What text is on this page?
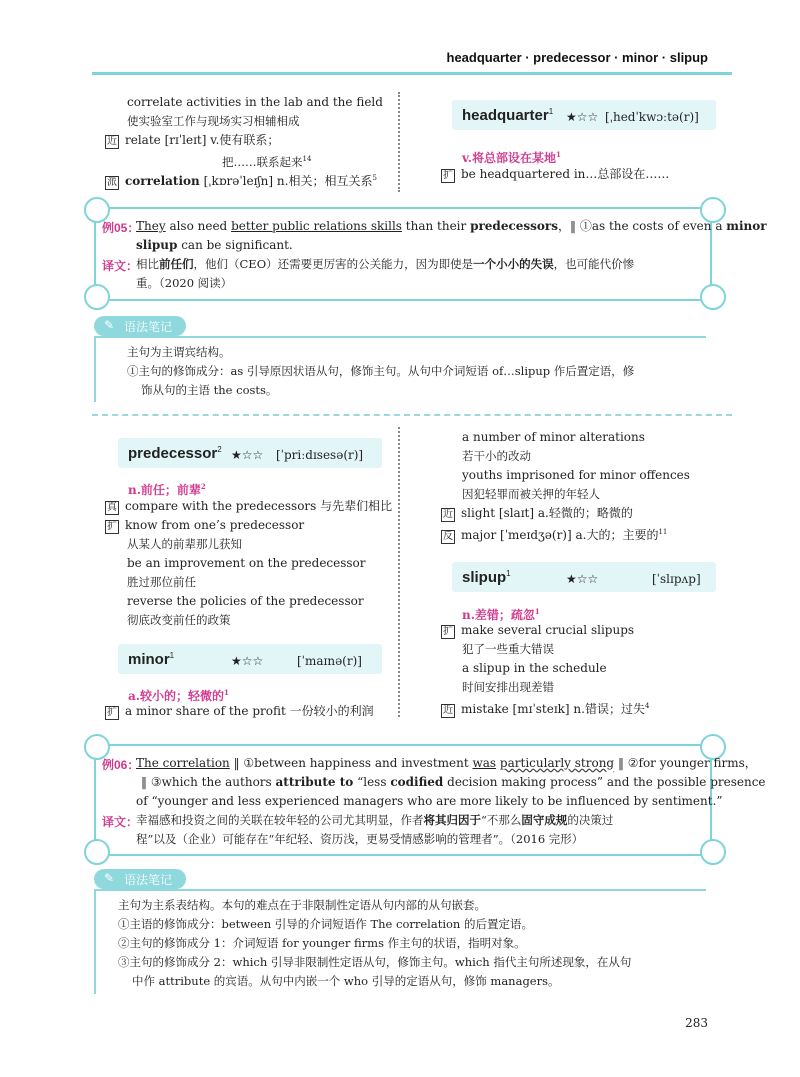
headquarter · predecessor · minor · slipup
correlate activities in the lab and the field
使实验室工作与现场实习相辅相成
近 relate [rɪˈleɪt] v.使有联系；
把……联系起来$^{14}$
派 correlation [ˌkɒrəˈleɪʃn] n.相关；相互关系$^5$
headquarter$^1$ ★☆☆ [ˌhedˈkwɔːtə(r)]
v.将总部设在某地$^1$
扩 be headquartered in…总部设在……
例05：
They also need better public relations skills than their predecessors，‖ ①as the costs of even a minor
slipup can be significant.
译文：
相比前任们，他们（CEO）还需要更厉害的公关能力，因为即使是一个小小的失误，也可能代价惨
重。（2020 阅读）
✎ 语法笔记
主句为主谓宾结构。
①主句的修饰成分：as 引导原因状语从句，修饰主句。从句中介词短语 of…slipup 作后置定语，修
饰从句的主语 the costs。
predecessor$^2$ ★☆☆ [ˈpriːdɪsesə(r)]
n.前任；前辈$^2$
真 compare with the predecessors 与先辈们相比
扩 know from one’s predecessor
从某人的前辈那儿获知
be an improvement on the predecessor
胜过那位前任
reverse the policies of the predecessor
彻底改变前任的政策
minor$^1$	★☆☆	[ˈmaɪnə(r)]
a.较小的；轻微的$^1$
扩 a minor share of the profit 一份较小的利润
a number of minor alterations
若干小的改动
youths imprisoned for minor offences
因犯轻罪而被关押的年轻人
近 slight [slaɪt] a.轻微的；略微的
反 major [ˈmeɪdʒə(r)] a.大的；主要的$^{11}$
slipup$^1$	★☆☆	[ˈslɪpʌp]
n.差错；疏忽$^1$
扩 make several crucial slipups
犯了一些重大错误
a slipup in the schedule
时间安排出现差错
近 mistake [mɪˈsteɪk] n.错误；过失$^4$
例06：
The correlation ‖ ①between happiness and investment was particularly strong ‖ ②for younger firms，
‖ ③which the authors attribute to “less codified decision making process” and the possible presence
of “younger and less experienced managers who are more likely to be influenced by sentiment.”
译文：
幸福感和投资之间的关联在较年轻的公司尤其明显，作者将其归因于“不那么固守成规的决策过
程”以及（企业）可能存在“年纪轻、资历浅，更易受情感影响的管理者”。（2016 完形）
✎ 语法笔记
主句为主系表结构。本句的难点在于非限制性定语从句内部的从句嵌套。
①主语的修饰成分：between 引导的介词短语作 The correlation 的后置定语。
②主句的修饰成分 1：介词短语 for younger firms 作主句的状语，指明对象。
③主句的修饰成分 2：which 引导非限制性定语从句，修饰主句。which 指代主句所述现象，在从句
中作 attribute 的宾语。从句中内嵌一个 who 引导的定语从句，修饰 managers。
283
